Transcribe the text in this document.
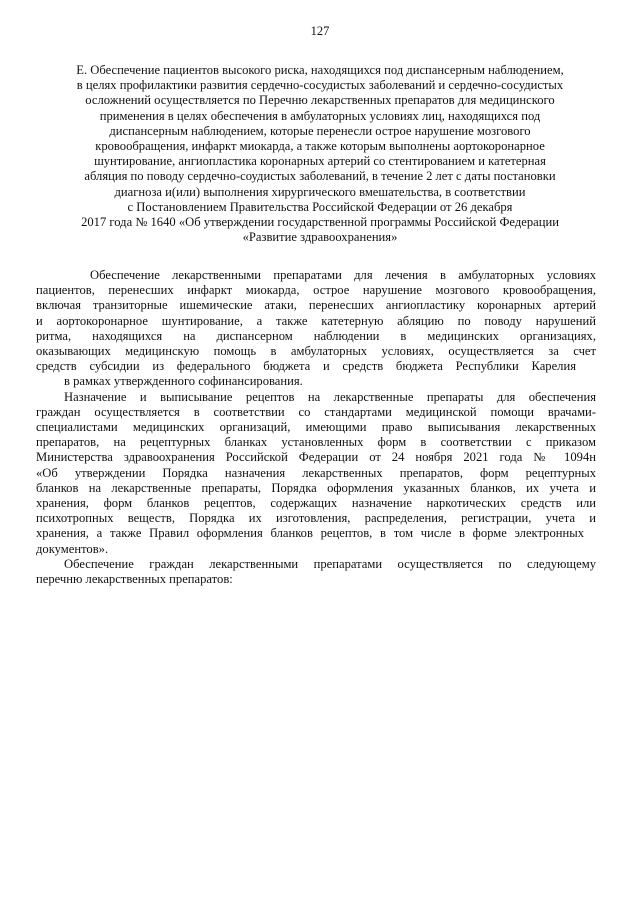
127
Е. Обеспечение пациентов высокого риска, находящихся под диспансерным наблюдением,
в целях профилактики развития сердечно-сосудистых заболеваний и сердечно-сосудистых
осложнений осуществляется по Перечню лекарственных препаратов для медицинского
применения в целях обеспечения в амбулаторных условиях лиц, находящихся под
диспансерным наблюдением, которые перенесли острое нарушение мозгового
кровообращения, инфаркт миокарда, а также которым выполнены аортокоронарное
шунтирование, ангиопластика коронарных артерий со стентированием и катетерная
абляция по поводу сердечно-соудистых заболеваний, в течение 2 лет с даты постановки
диагноза и(или) выполнения хирургического вмешательства, в соответствии
с Постановлением Правительства Российской Федерации от 26 декабря
2017 года № 1640 «Об утверждении государственной программы Российской Федерации
«Развитие здравоохранения»

Обеспечение лекарственными препаратами для лечения в амбулаторных условиях
пациентов, перенесших инфаркт миокарда, острое нарушение мозгового кровообращения,
включая транзиторные ишемические атаки, перенесших ангиопластику коронарных артерий
и аортокоронарное шунтирование, а также катетерную абляцию по поводу нарушений
ритма, находящихся на диспансерном наблюдении в медицинских организациях,
оказывающих медицинскую помощь в амбулаторных условиях, осуществляется за счет
средств субсидии из федерального бюджета и средств бюджета Республики Карелия
в рамках утвержденного софинансирования.

Назначение и выписывание рецептов на лекарственные препараты для обеспечения
граждан осуществляется в соответствии со стандартами медицинской помощи врачами-
специалистами медицинских организаций, имеющими право выписывания лекарственных
препаратов, на рецептурных бланках установленных форм в соответствии с приказом
Министерства здравоохранения Российской Федерации от 24 ноября 2021 года № 1094н
«Об утверждении Порядка назначения лекарственных препаратов, форм рецептурных
бланков на лекарственные препараты, Порядка оформления указанных бланков, их учета и
хранения, форм бланков рецептов, содержащих назначение наркотических средств или
психотропных веществ, Порядка их изготовления, распределения, регистрации, учета и
хранения, а также Правил оформления бланков рецептов, в том числе в форме электронных
документов».

Обеспечение граждан лекарственными препаратами осуществляется по следующему
перечню лекарственных препаратов:
